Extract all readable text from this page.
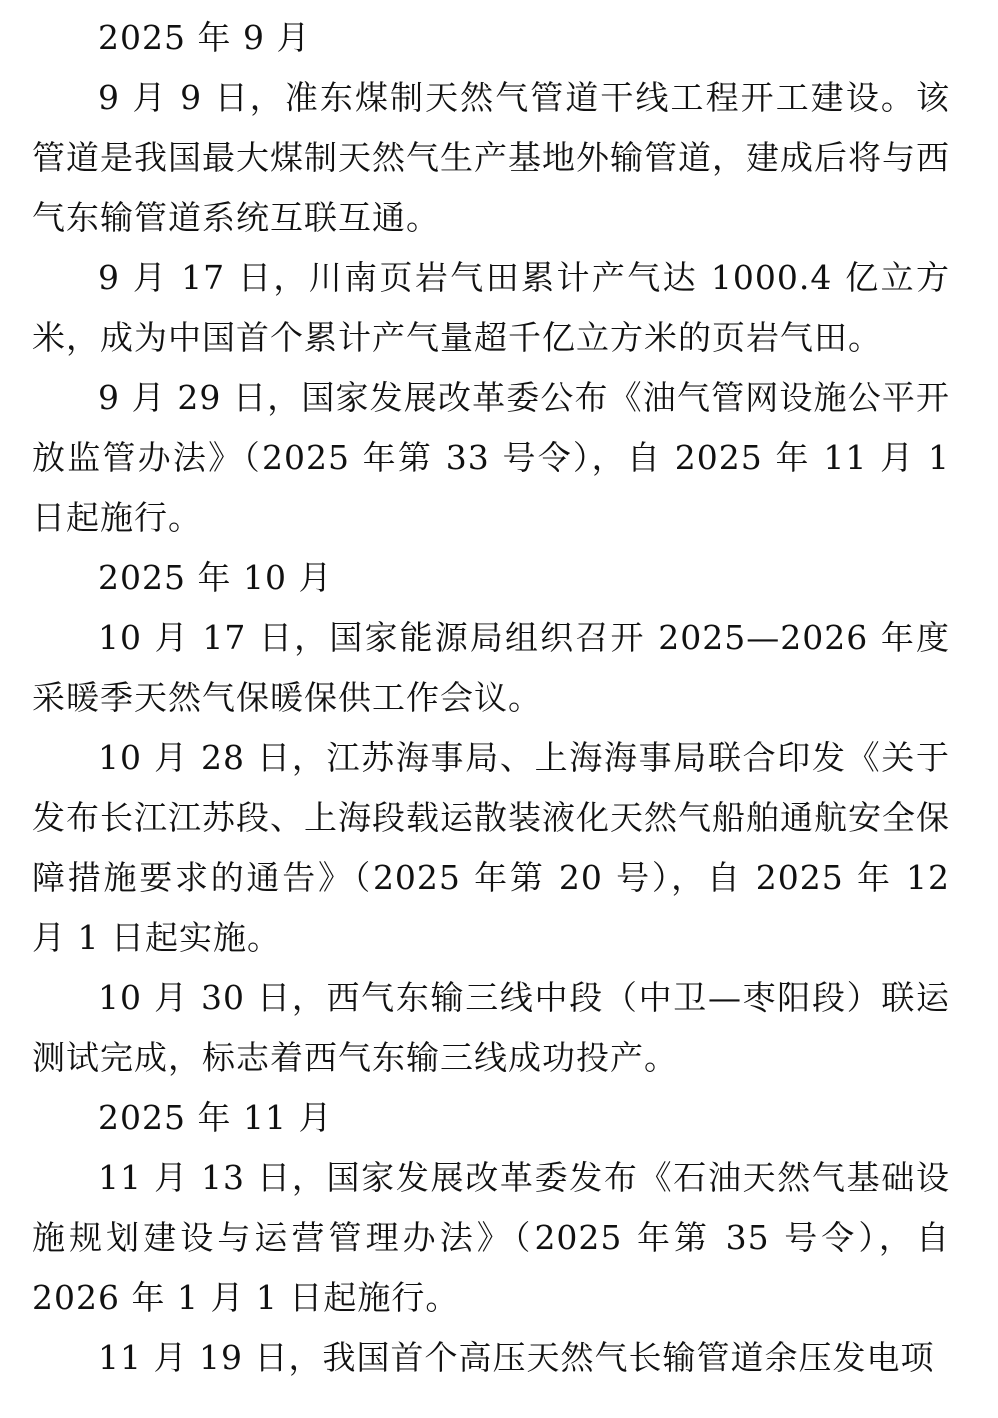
2025 年 9 月

9 月 9 日，准东煤制天然气管道干线工程开工建设。该管道是我国最大煤制天然气生产基地外输管道，建成后将与西气东输管道系统互联互通。

9 月 17 日，川南页岩气田累计产气达 1000.4 亿立方米，成为中国首个累计产气量超千亿立方米的页岩气田。

9 月 29 日，国家发展改革委公布《油气管网设施公平开放监管办法》（2025 年第 33 号令），自 2025 年 11 月 1 日起施行。

2025 年 10 月

10 月 17 日，国家能源局组织召开 2025—2026 年度采暖季天然气保暖保供工作会议。

10 月 28 日，江苏海事局、上海海事局联合印发《关于发布长江江苏段、上海段载运散装液化天然气船舶通航安全保障措施要求的通告》（2025 年第 20 号），自 2025 年 12 月 1 日起实施。

10 月 30 日，西气东输三线中段（中卫—枣阳段）联运测试完成，标志着西气东输三线成功投产。

2025 年 11 月

11 月 13 日，国家发展改革委发布《石油天然气基础设施规划建设与运营管理办法》（2025 年第 35 号令），自 2026 年 1 月 1 日起施行。

11 月 19 日，我国首个高压天然气长输管道余压发电项
